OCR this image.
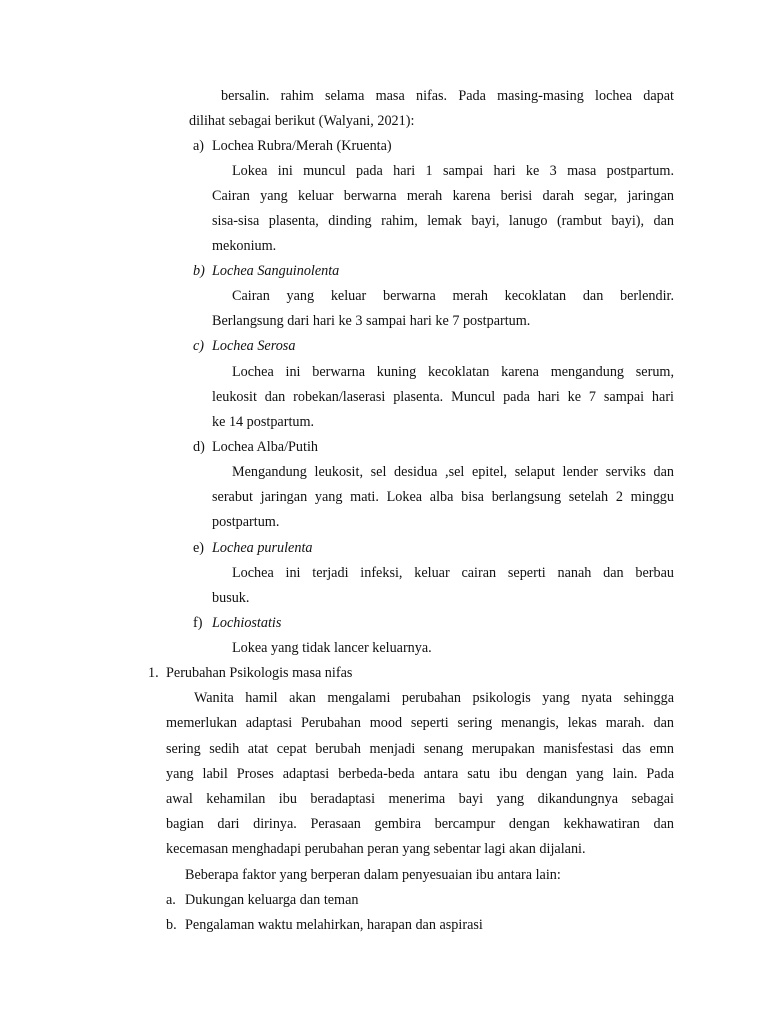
bersalin. rahim selama masa nifas. Pada masing-masing lochea dapat
dilihat sebagai berikut (Walyani, 2021):
a) Lochea Rubra/Merah (Kruenta)
Lokea ini muncul pada hari 1 sampai hari ke 3 masa postpartum.
Cairan yang keluar berwarna merah karena berisi darah segar, jaringan
sisa-sisa plasenta, dinding rahim, lemak bayi, lanugo (rambut bayi), dan
mekonium.
b) Lochea Sanguinolenta
Cairan yang keluar berwarna merah kecoklatan dan berlendir.
Berlangsung dari hari ke 3 sampai hari ke 7 postpartum.
c) Lochea Serosa
Lochea ini berwarna kuning kecoklatan karena mengandung serum,
leukosit dan robekan/laserasi plasenta. Muncul pada hari ke 7 sampai hari
ke 14 postpartum.
d) Lochea Alba/Putih
Mengandung leukosit, sel desidua ,sel epitel, selaput lender serviks dan
serabut jaringan yang mati. Lokea alba bisa berlangsung setelah 2 minggu
postpartum.
e) Lochea purulenta
Lochea ini terjadi infeksi, keluar cairan seperti nanah dan berbau
busuk.
f) Lochiostatis
Lokea yang tidak lancer keluarnya.
1. Perubahan Psikologis masa nifas
Wanita hamil akan mengalami perubahan psikologis yang nyata sehingga
memerlukan adaptasi Perubahan mood seperti sering menangis, lekas marah. dan
sering sedih atat cepat berubah menjadi senang merupakan manisfestasi das emn
yang labil Proses adaptasi berbeda-beda antara satu ibu dengan yang lain. Pada
awal kehamilan ibu beradaptasi menerima bayi yang dikandungnya sebagai
bagian dari dirinya. Perasaan gembira bercampur dengan kekhawatiran dan
kecemasan menghadapi perubahan peran yang sebentar lagi akan dijalani.
Beberapa faktor yang berperan dalam penyesuaian ibu antara lain:
a. Dukungan keluarga dan teman
b. Pengalaman waktu melahirkan, harapan dan aspirasi
